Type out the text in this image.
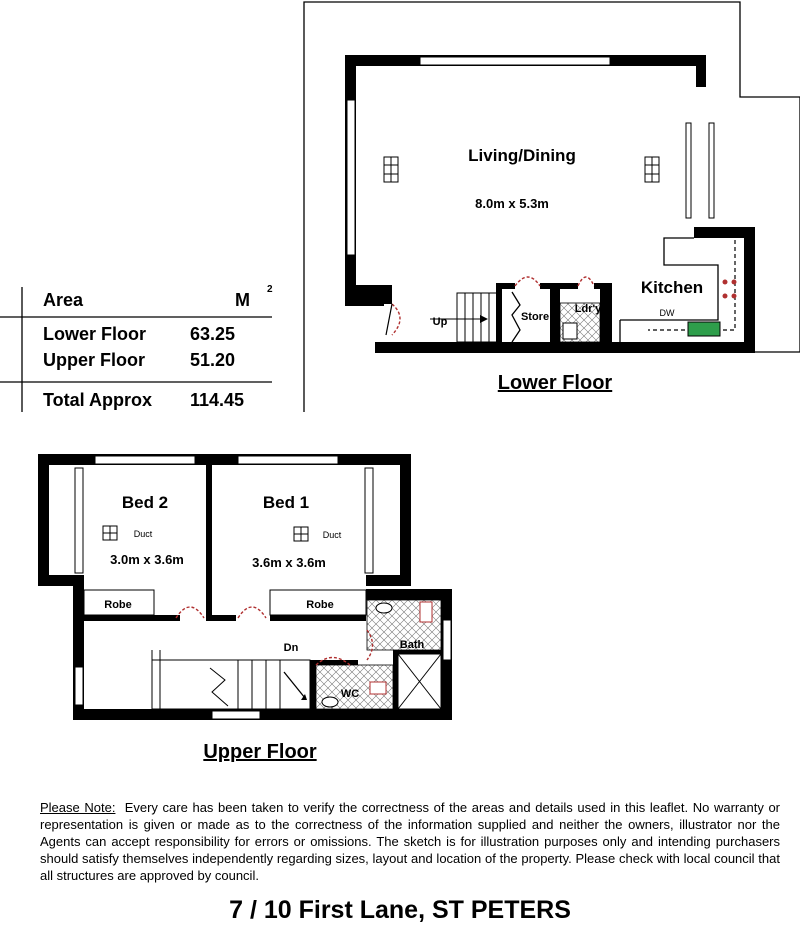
Living/Dining
8.0m x 5.3m
Kitchen
Store
Ldr'y
Up
DW
Lower Floor
Bed 2
Duct
3.0m x 3.6m
Robe
Bed 1
Duct
3.6m x 3.6m
Robe
Bath
WC
Dn
Upper Floor
Area	M
2
Lower Floor 63.25
Upper Floor	51.20
Total Approx 114.45
Please Note: Every care has been taken to verify the correctness of the areas and details used in this leaflet. No warranty or representation is given or made as to the correctness of the information supplied and neither the owners, illustrator nor the Agents can accept responsibility for errors or omissions. The sketch is for illustration purposes only and intending purchasers should satisfy themselves independently regarding sizes, layout and location of the property. Please check with local council that all structures are approved by council.
7 / 10 First Lane, ST PETERS
